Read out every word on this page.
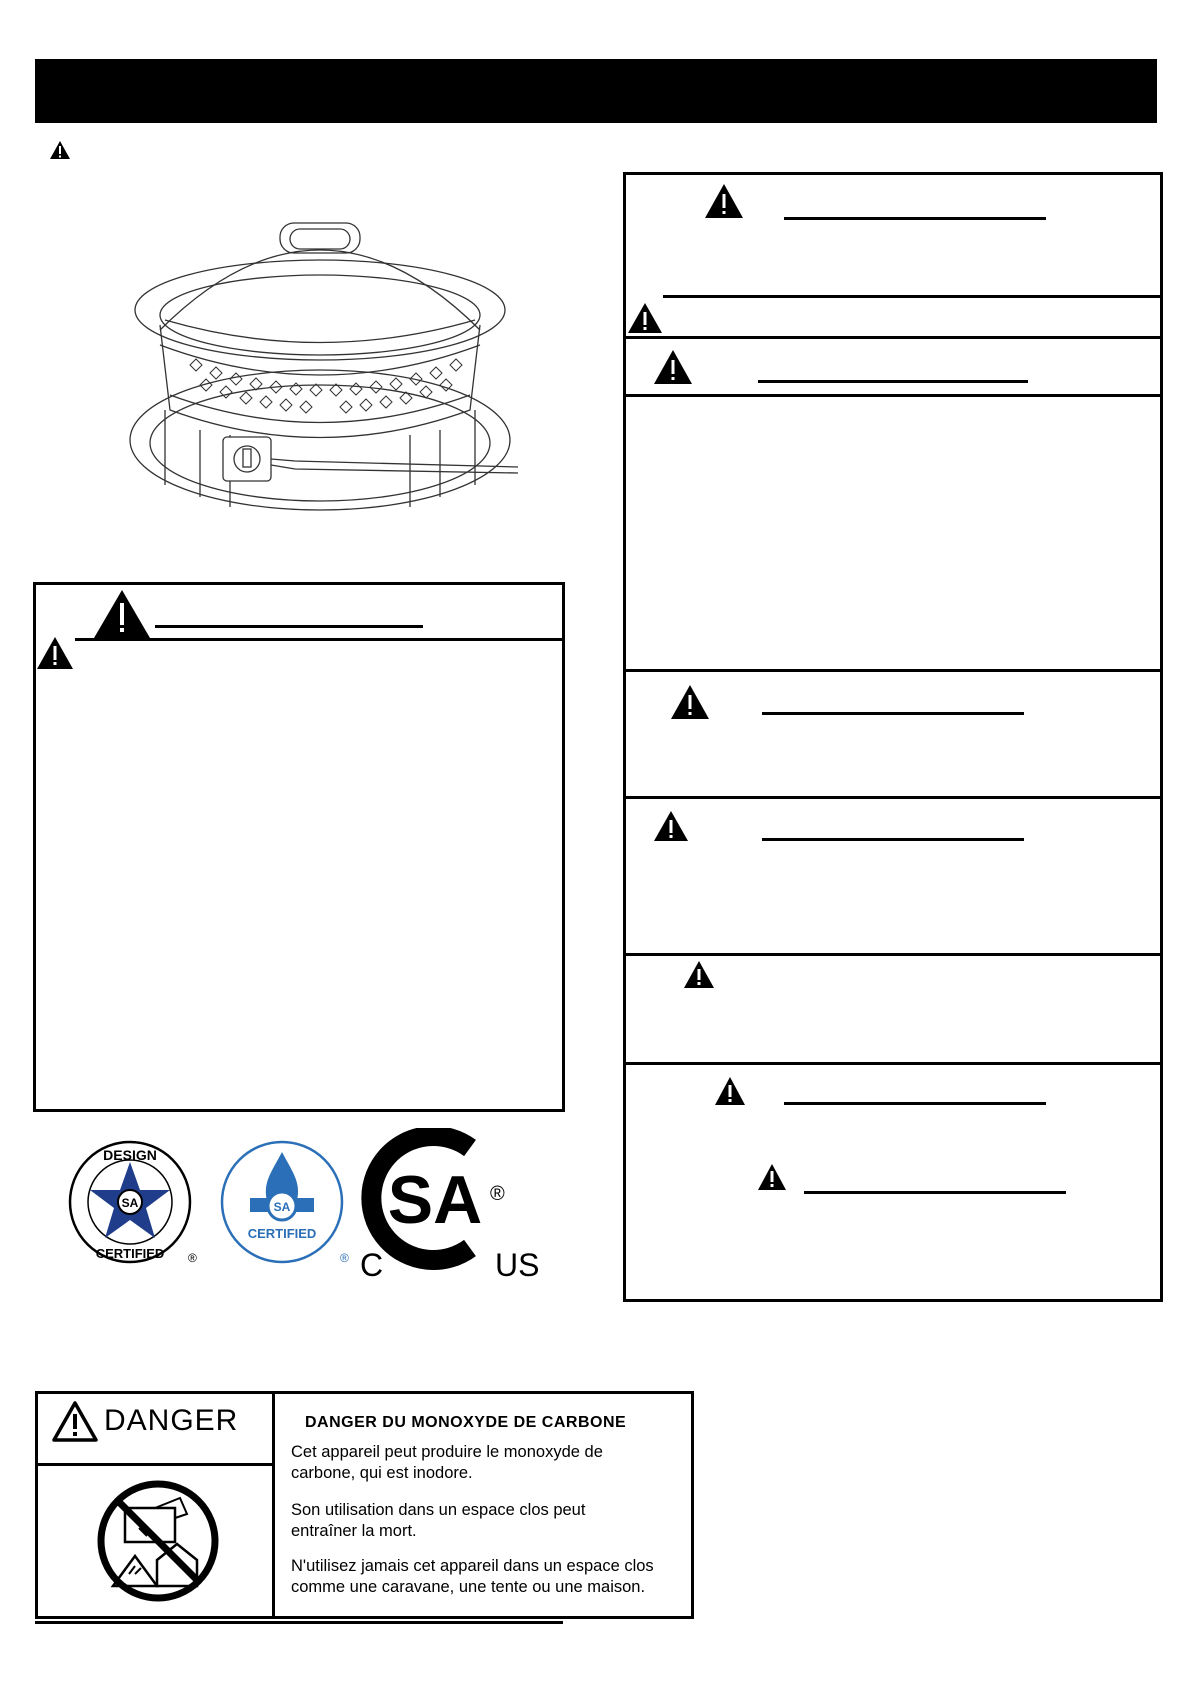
SA
DESIGN
CERTIFIED ®
SA
CERTIFIED
®
SA ®
C	US
DANGER	DANGER DU MONOXYDE DE CARBONE
Cet appareil peut produire le monoxyde de carbone, qui est inodore.
Son utilisation dans un espace clos peut entraîner la mort.
N'utilisez jamais cet appareil dans un espace clos comme une caravane, une tente ou une maison.
